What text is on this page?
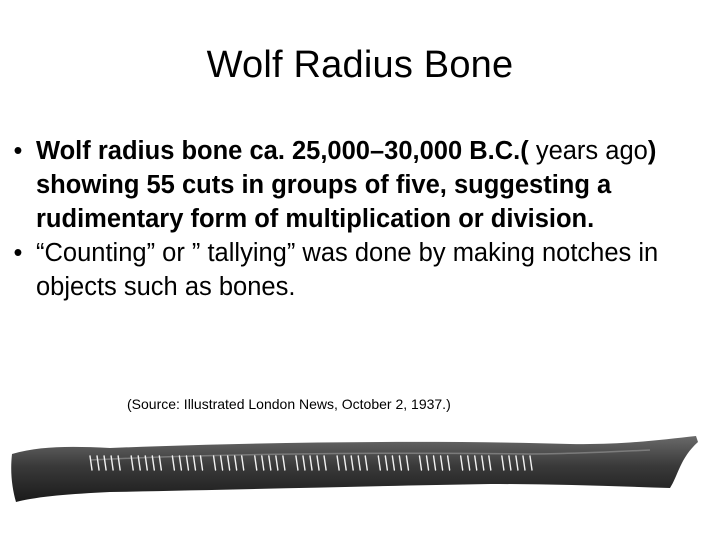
Wolf Radius Bone
• Wolf radius bone ca. 25,000–30,000 B.C.( years ago) showing 55 cuts in groups of five, suggesting a rudimentary form of multiplication or division.
• “Counting” or ” tallying” was done by making notches in objects such as bones.
(Source: Illustrated London News, October 2, 1937.)
